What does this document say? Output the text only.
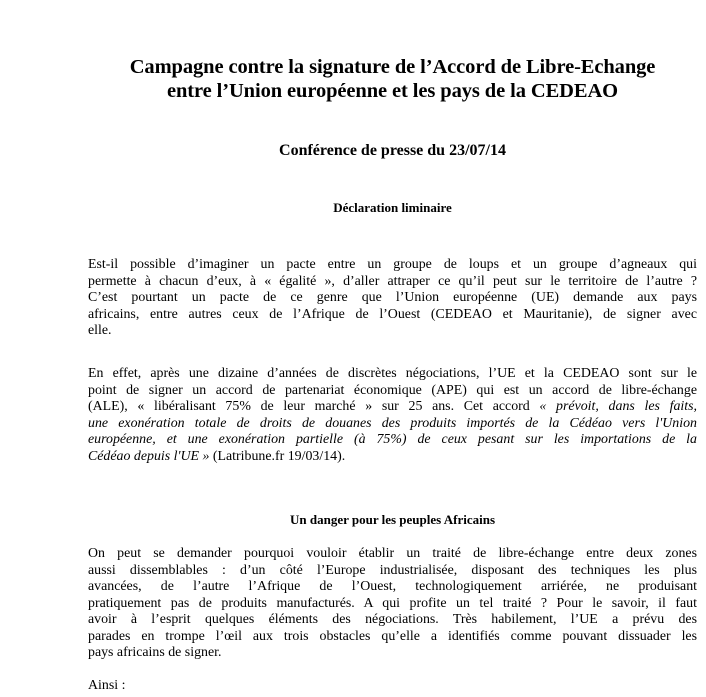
Campagne contre la signature de l’Accord de Libre-Echange
entre l’Union européenne et les pays de la CEDEAO
Conférence de presse du 23/07/14
Déclaration liminaire
Est-il possible d’imaginer un pacte entre un groupe de loups et un groupe d’agneaux qui
permette à chacun d’eux, à « égalité », d’aller attraper ce qu’il peut sur le territoire de l’autre ?
C’est pourtant un pacte de ce genre que l’Union européenne (UE) demande aux pays
africains, entre autres ceux de l’Afrique de l’Ouest (CEDEAO et Mauritanie), de signer avec
elle.
En effet, après une dizaine d’années de discrètes négociations, l’UE et la CEDEAO sont sur le
point de signer un accord de partenariat économique (APE) qui est un accord de libre-échange
(ALE), « libéralisant 75% de leur marché » sur 25 ans. Cet accord « prévoit, dans les faits,
une exonération totale de droits de douanes des produits importés de la Cédéao vers l'Union
européenne, et une exonération partielle (à 75%) de ceux pesant sur les importations de la
Cédéao depuis l'UE » (Latribune.fr 19/03/14).
Un danger pour les peuples Africains
On peut se demander pourquoi vouloir établir un traité de libre-échange entre deux zones
aussi dissemblables : d’un côté l’Europe industrialisée, disposant des techniques les plus
avancées, de l’autre l’Afrique de l’Ouest, technologiquement arriérée, ne produisant
pratiquement pas de produits manufacturés. A qui profite un tel traité ? Pour le savoir, il faut
avoir à l’esprit quelques éléments des négociations. Très habilement, l’UE a prévu des
parades en trompe l’œil aux trois obstacles qu’elle a identifiés comme pouvant dissuader les
pays africains de signer.
Ainsi :
